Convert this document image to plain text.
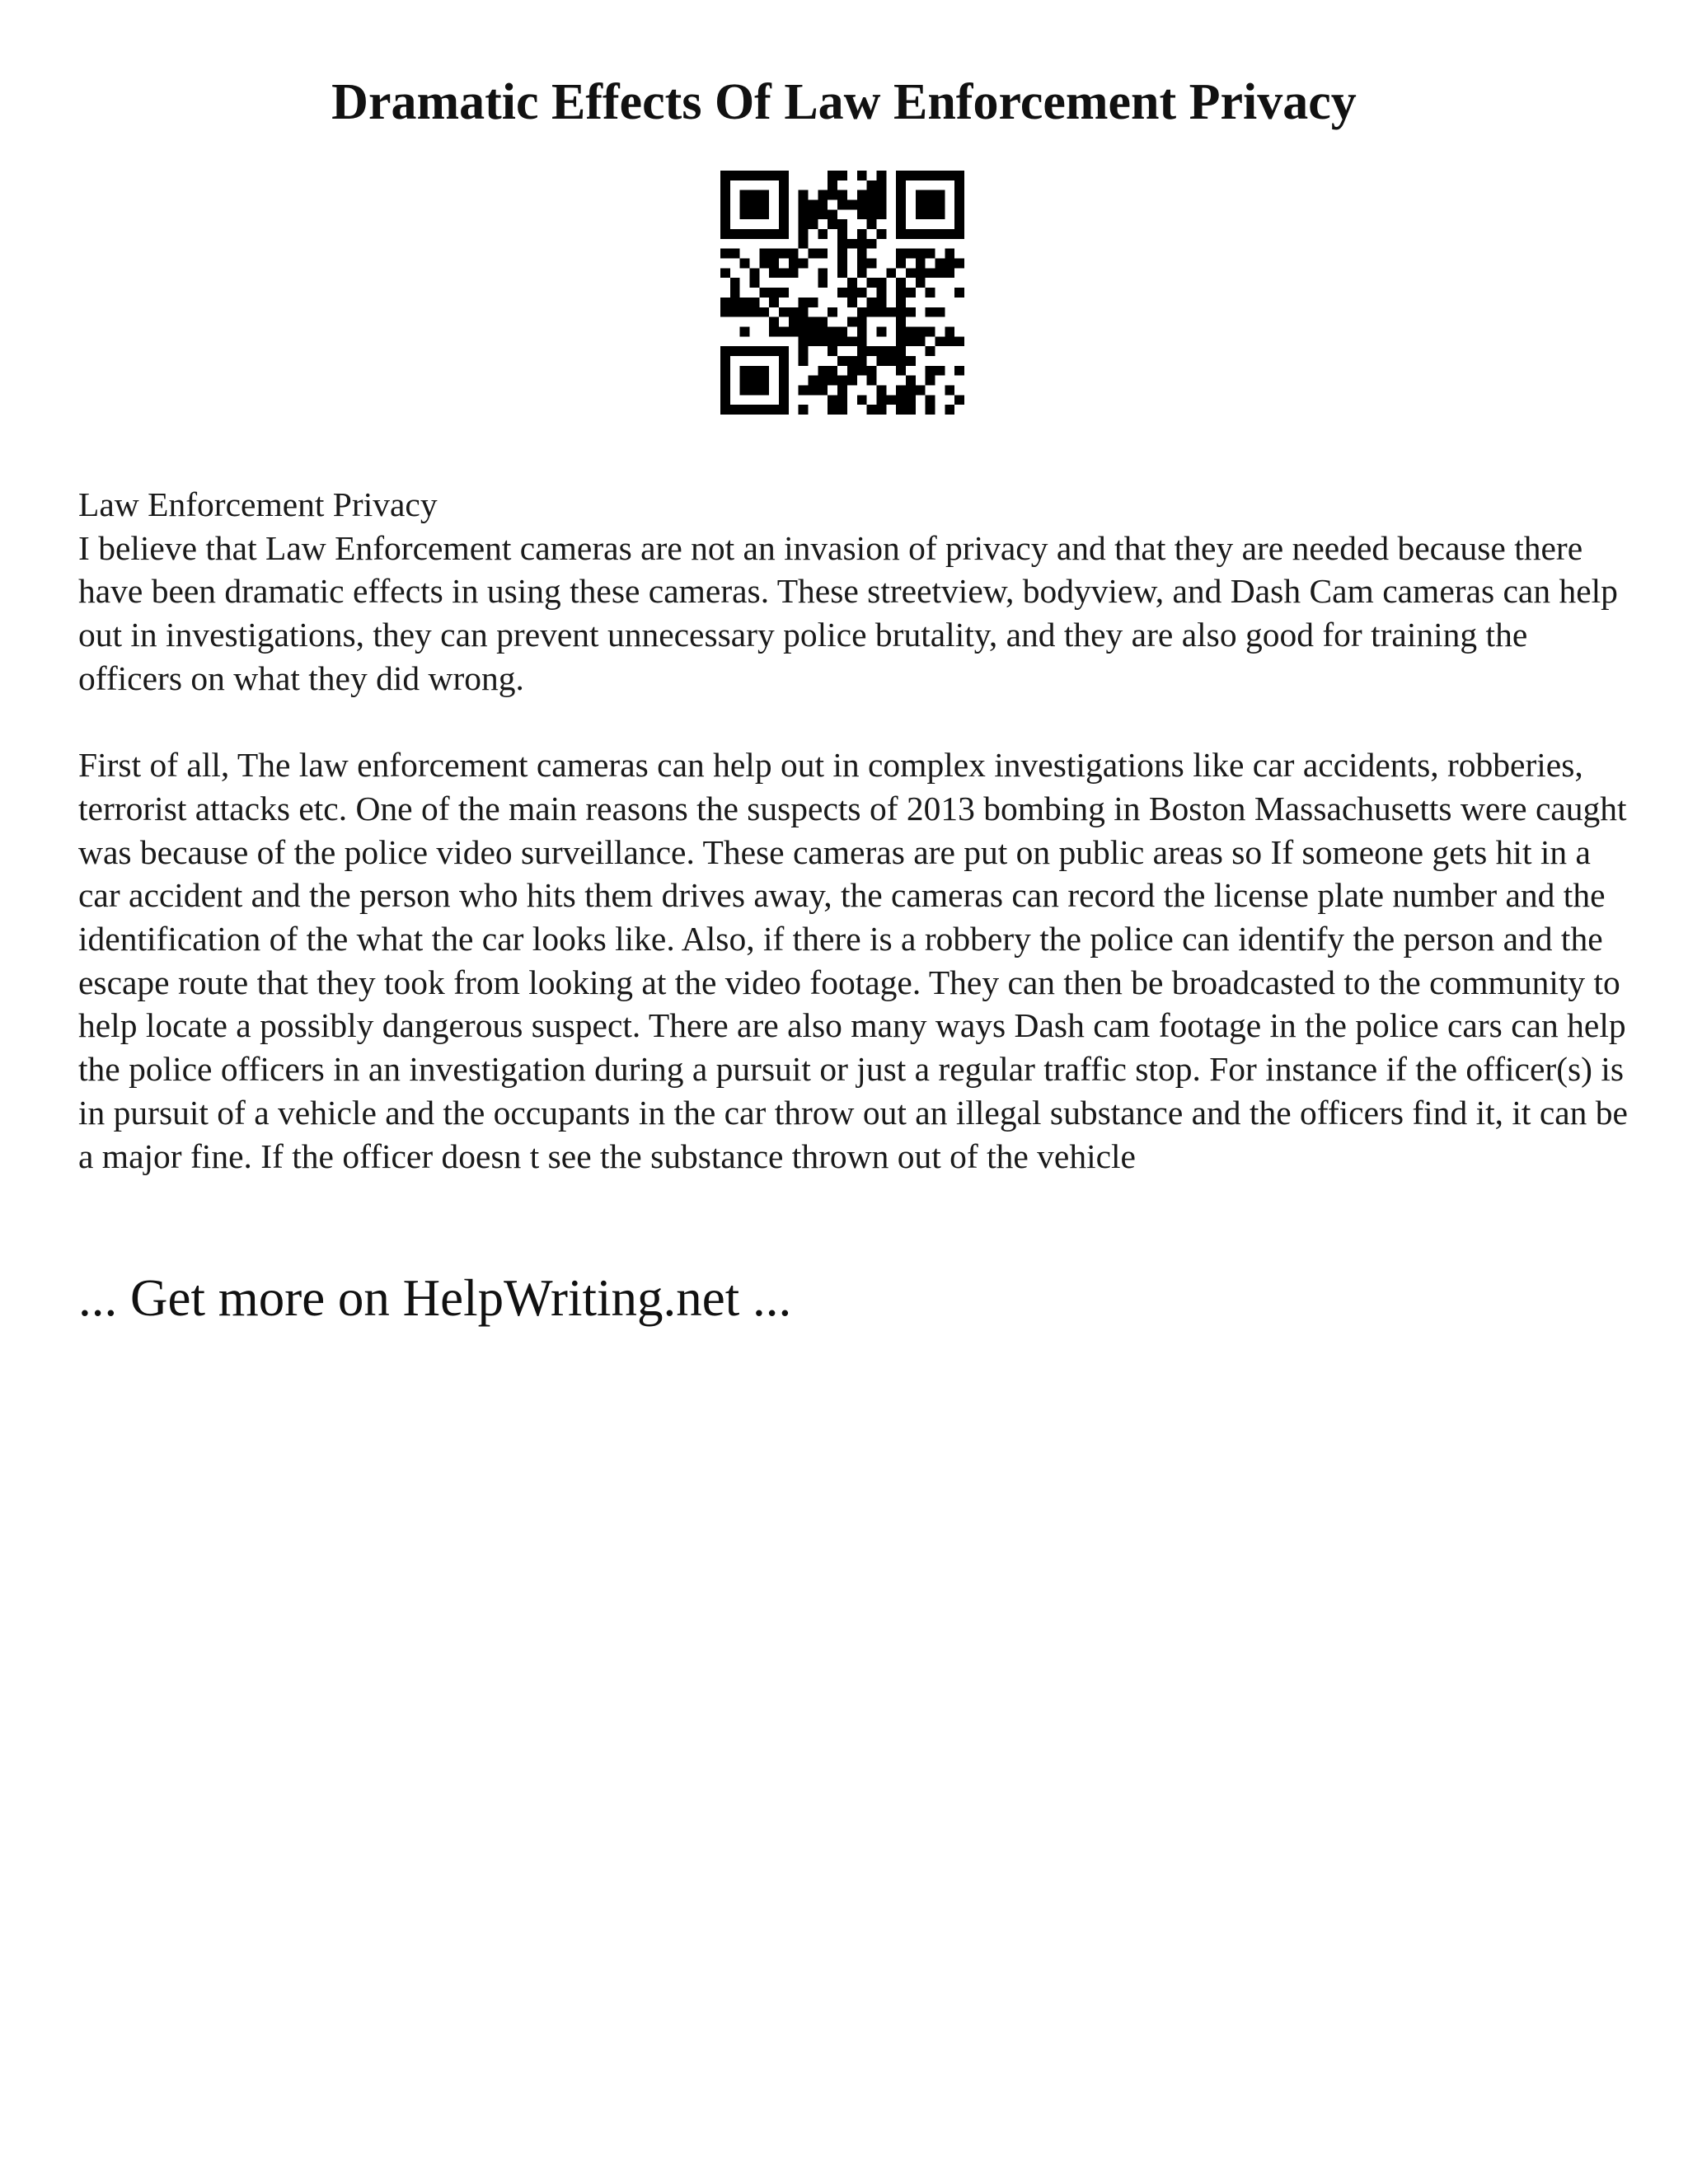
Dramatic Effects Of Law Enforcement Privacy

Law Enforcement Privacy

I believe that Law Enforcement cameras are not an invasion of privacy and that they are needed because there have been dramatic effects in using these cameras. These streetview, bodyview, and Dash Cam cameras can help out in investigations, they can prevent unnecessary police brutality, and they are also good for training the officers on what they did wrong.

First of all, The law enforcement cameras can help out in complex investigations like car accidents, robberies, terrorist attacks etc. One of the main reasons the suspects of 2013 bombing in Boston Massachusetts were caught was because of the police video surveillance. These cameras are put on public areas so If someone gets hit in a car accident and the person who hits them drives away, the cameras can record the license plate number and the identification of the what the car looks like. Also, if there is a robbery the police can identify the person and the escape route that they took from looking at the video footage. They can then be broadcasted to the community to help locate a possibly dangerous suspect. There are also many ways Dash cam footage in the police cars can help the police officers in an investigation during a pursuit or just a regular traffic stop. For instance if the officer(s) is in pursuit of a vehicle and the occupants in the car throw out an illegal substance and the officers find it, it can be a major fine. If the officer doesn t see the substance thrown out of the vehicle

... Get more on HelpWriting.net ...
